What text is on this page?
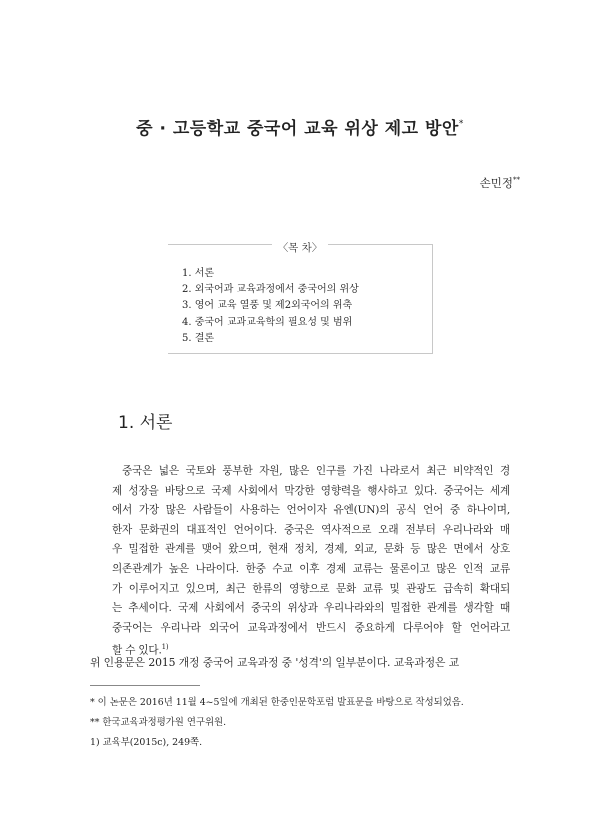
중 · 고등학교 중국어 교육 위상 제고 방안*
손민정**
〈목 차〉
1. 서론
2. 외국어과 교육과정에서 중국어의 위상
3. 영어 교육 열풍 및 제2외국어의 위축
4. 중국어 교과교육학의 필요성 및 범위
5. 결론
1. 서론
중국은 넓은 국토와 풍부한 자원, 많은 인구를 가진 나라로서 최근 비약적인 경
제 성장을 바탕으로 국제 사회에서 막강한 영향력을 행사하고 있다. 중국어는 세계
에서 가장 많은 사람들이 사용하는 언어이자 유엔(UN)의 공식 언어 중 하나이며,
한자 문화권의 대표적인 언어이다. 중국은 역사적으로 오래 전부터 우리나라와 매
우 밀접한 관계를 맺어 왔으며, 현재 정치, 경제, 외교, 문화 등 많은 면에서 상호
의존관계가 높은 나라이다. 한중 수교 이후 경제 교류는 물론이고 많은 인적 교류
가 이루어지고 있으며, 최근 한류의 영향으로 문화 교류 및 관광도 급속히 확대되
는 추세이다. 국제 사회에서 중국의 위상과 우리나라와의 밀접한 관계를 생각할 때
중국어는 우리나라 외국어 교육과정에서 반드시 중요하게 다루어야 할 언어라고
할 수 있다.$^{1)}$
위 인용문은 2015 개정 중국어 교육과정 중 '성격'의 일부분이다. 교육과정은 교
* 이 논문은 2016년 11월 4~5일에 개최된 한중인문학포럼 발표문을 바탕으로 작성되었음.
** 한국교육과정평가원 연구위원.
1) 교육부(2015c), 249쪽.
